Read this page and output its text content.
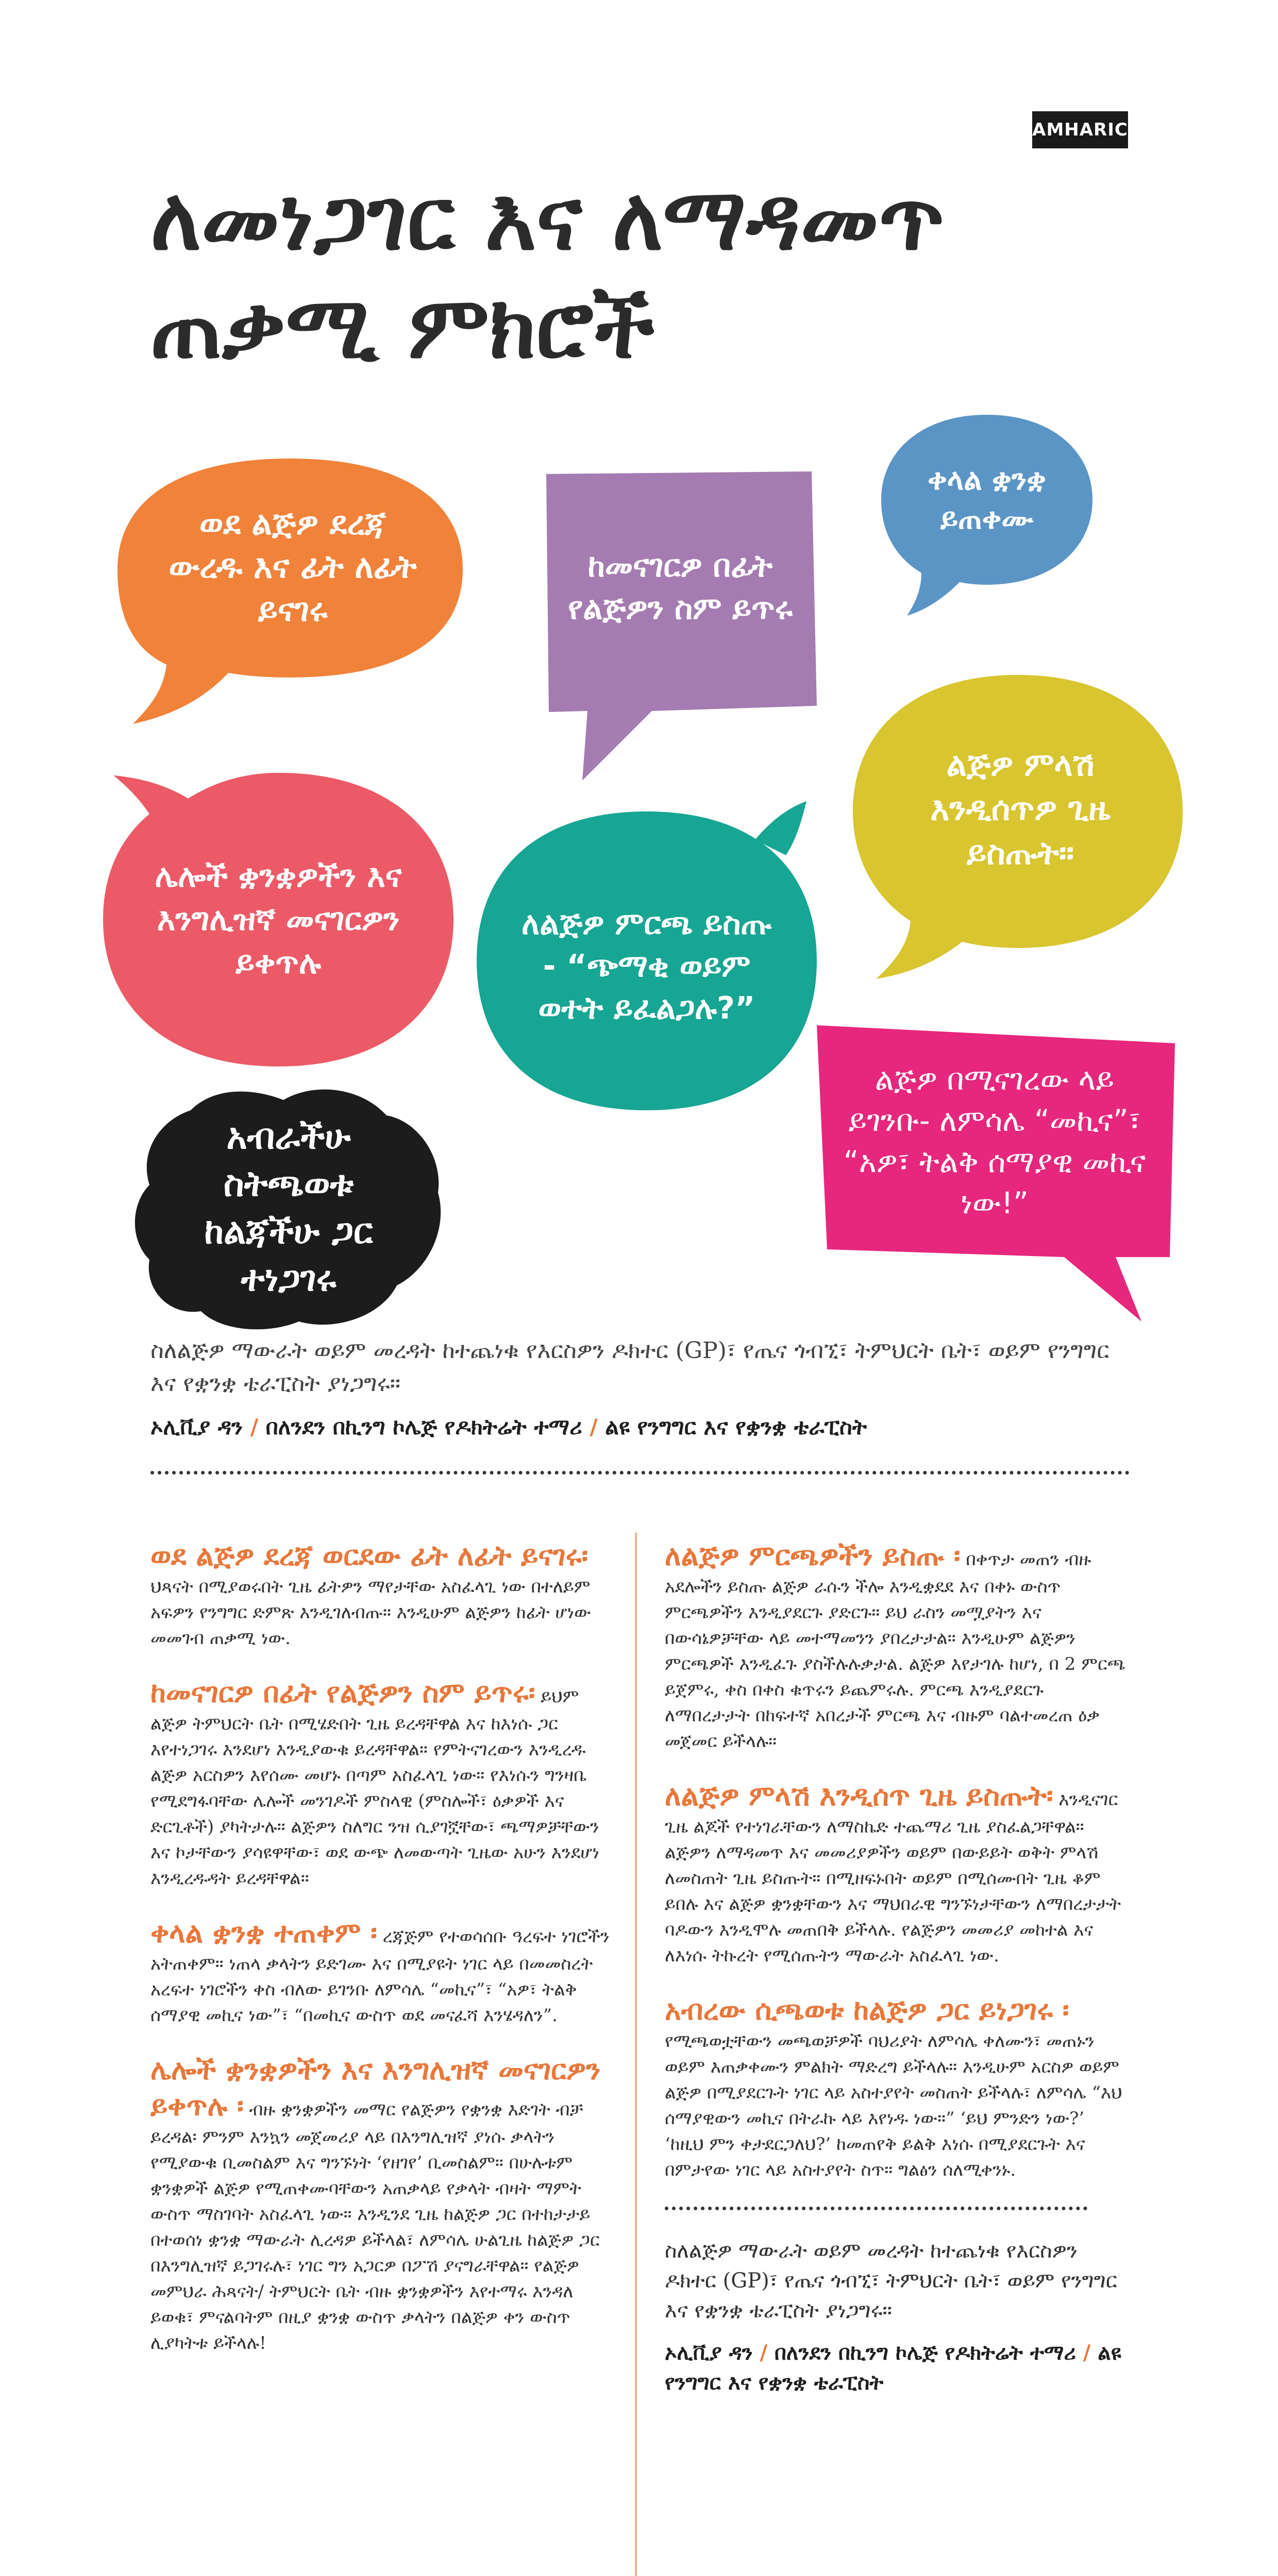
AMHARIC
ለመነጋገር እና ለማዳመጥ
ጠቃሚ ምክሮች
ወደ ልጅዎ ደረጃ ውረዱ እና ፊት ለፊት ይናገሩ
ከመናገርዎ በፊት የልጅዎን ስም ይጥሩ
ቀላል ቋንቋ ይጠቀሙ
ሌሎች ቋንቋዎችን እና እንግሊዝኛ መናገርዎን ይቀጥሉ
ለልጅዎ ምርጫ ይስጡ - “ጭማቂ ወይም ወተት ይፈልጋሉ?”
ልጅዎ ምላሽ እንዲሰጥዎ ጊዜ ይስጡት።
አብራችሁ ስትጫወቱ ከልጃችሁ ጋር ተነጋገሩ
ልጅዎ በሚናገረው ላይ ይገንቡ- ለምሳሌ “መኪና”፣ “አዎ፣ ትልቅ ሰማያዊ መኪና ነው!”
ስለልጅዎ ማውራት ወይም መረዳት ከተጨነቁ የእርስዎን ዶክተር (GP)፣ የጤና ጎብኚ፣ ትምህርት ቤት፣ ወይም የንግግር እና የቋንቋ ቴራፒስት ያነጋግሩ።
ኦሊቪያ ዳን / በለንደን በኪንግ ኮሌጅ የዶክትሬት ተማሪ / ልዩ የንግግር እና የቋንቋ ቴራፒስት
ወደ ልጅዎ ደረጃ ወርደው ፊት ለፊት ይናገሩ፡ ህጻናት በሚያወሩበት ጊዜ ፊትዎን ማየታቸው አስፈላጊ ነው በተለይም አፍዎን የንግግር ድምጽ እንዲገለብጡ። እንዲሁም ልጅዎን ከፊት ሆነው መመገብ ጠቃሚ ነው.
ከመናገርዎ በፊት የልጅዎን ስም ይጥሩ፡ ይህም ልጅዎ ትምህርት ቤት በሚሄድበት ጊዜ ይረዳቸዋል እና ከእነሱ ጋር እየተነጋገሩ እንደሆነ እንዲያውቁ ይረዳቸዋል። የምትናገረውን እንዲረዱ ልጅዎ አርስዎን እየሰሙ መሆኑ በጣም አስፈላጊ ነው። የእነሱን ግንዛቤ የሚደግፋባቸው ሌሎች መንገዶች ምስላዊ (ምስሎች፣ ዕቃዎች እና ድርጊቶች) ያካትታሉ። ልጅዎን ስለግር ንዝ ሲያገኟቸው፣ ጫማዎቻቸውን እና ኮታቸውን ያሳዩዋቸው፣ ወደ ውጭ ለመውጣት ጊዜው አሁን እንደሆነ እንዲረዱዳት ይረዳቸዋል።
ቀላል ቋንቋ ተጠቀም ፡ ረጃጅም የተወሳሰቡ ዓረፍተ ነገሮችን አትጠቀም። ነጠላ ቃላትን ይድገሙ እና በሚያዩት ነገር ላይ በመመስረት አረፍተ ነገሮችን ቀስ ብለው ይገንቡ ለምሳሌ “መኪና”፣ “አዎ፣ ትልቅ ሰማያዊ መኪና ነው”፣ “በመኪና ውስጥ ወደ መናፈሻ እንሄዳለን”.
ሌሎች ቋንቋዎችን እና እንግሊዝኛ መናገርዎን ይቀጥሉ ፡ ብዙ ቋንቋዎችን መማር የልጅዎን የቋንቋ እድገት ብቻ ይረዳል፡ ምንም እንኳን መጀመሪያ ላይ በእንግሊዝኛ ያነሱ ቃላትን የሚያውቁ ቢመስልም እና ግንኙነት ‘የዘገየ’ ቢመስልም። በሁሉቱም ቋንቋዎች ልጅዎ የሚጠቀሙባቸውን አጠቃላይ የቃላት ብዛት ማምት ውስጥ ማስገባት አስፈላጊ ነው። እንዲንደ ጊዜ ከልጅዎ ጋር በተከታታይ በተወሰነ ቋንቋ ማውራት ሊረዳዎ ይችላል፣ ለምሳሌ ሁልጊዜ ከልጅዎ ጋር በእንግሊዝኛ ይጋገሩሉ፣ ነገር ግን አጋርዎ በፖሽ ያናግራቸዋል። የልጅዎ መምህራ ሕጻናት/ ትምህርት ቤት ብዙ ቋንቋዎችን እየተማሩ እንዳለ ይወቁ፣ ምናልባትም በዚያ ቋንቋ ውስጥ ቃላትን በልጅዎ ቀን ውስጥ ሊያካትቱ ይችላሉ!
ለልጅዎ ምርጫዎችን ይስጡ ፡ በቀጥታ መጠን ብዙ አደሎችን ይስጡ ልጅዎ ራሱን ችሎ እንዲቋደደ እና በቀኑ ውስጥ ምርጫዎችን እንዲያደርጉ ያድርጉ። ይህ ራስን መሟያትን እና በውሳኔዎቻቸው ላይ መተማመንን ያበረታታል። እንዲሁም ልጅዎን ምርጫዎች እንዲፈጉ ያስችሉሉቃታል. ልጅዎ እየታገሉ ከሆነ, በ 2 ምርጫ ይጀምሩ, ቀስ በቀስ ቁጥሩን ይጨምሩሉ. ምርጫ እንዲያደርጉ ለማበረታታት በከፍተኛ አበረታች ምርጫ እና ብዙም ባልተመረጠ ዕቃ መጀመር ይችላሉ።
ለልጅዎ ምላሽ እንዲሰጥ ጊዜ ይስጡት፡ እንዲናገር ጊዜ ልጆች የተነገራቸውን ለማስኬድ ተጨማሪ ጊዜ ያስፈልጋቸዋል። ልጅዎን ለማዳመጥ እና መመሪያዎችን ወይም በውይይት ወቅት ምላሽ ለመስጠት ጊዜ ይስጡት። በሚዘፍኑበት ወይም በሚሰሙበት ጊዜ ቆም ይበሉ እና ልጅዎ ቋንቋቸውን እና ማህበራዊ ግንኙነታቸውን ለማበረታታት ባዶውን እንዲሞሉ መጠበቅ ይችላሉ. የልጅዎን መመሪያ መከተል እና ለእነሱ ትኩረት የሚሰጡትን ማውራት አስፈላጊ ነው.
አብረው ሲጫወቱ ከልጅዎ ጋር ይነጋገሩ ፡ የሚጫወቷቸውን መጫወቻዎች ባህሪያት ለምሳሌ ቀለሙን፣ መጠኑን ወይም እጠቃቀሙን ምልክት ማድረግ ይችላሉ። እንዲሁም አርስዎ ወይም ልጅዎ በሚያደርጉት ነገር ላይ አስተያየት መስጠት ይችላሉ፣ ለምሳሌ “እህ ሰማያዊውን መኪና በትራኩ ላይ እየነዱ ነው።” ‘ይህ ምንድን ነው?’ ‘ከዚህ ምን ቀታደርጋለህ?’ ከመጠየቅ ይልቅ እነሱ በሚያደርጉት እና በምታየው ነገር ላይ አስተያየት ስጥ። ግልፅን ሰለሚቀንኑ.
ስለልጅዎ ማውራት ወይም መረዳት ከተጨነቁ የእርስዎን ዶክተር (GP)፣ የጤና ጎብኚ፣ ትምህርት ቤት፣ ወይም የንግግር እና የቋንቋ ቴራፒስት ያነጋግሩ።
ኦሊቪያ ዳን / በለንደን በኪንግ ኮሌጅ የዶክትሬት ተማሪ / ልዩ የንግግር እና የቋንቋ ቴራፒስት
